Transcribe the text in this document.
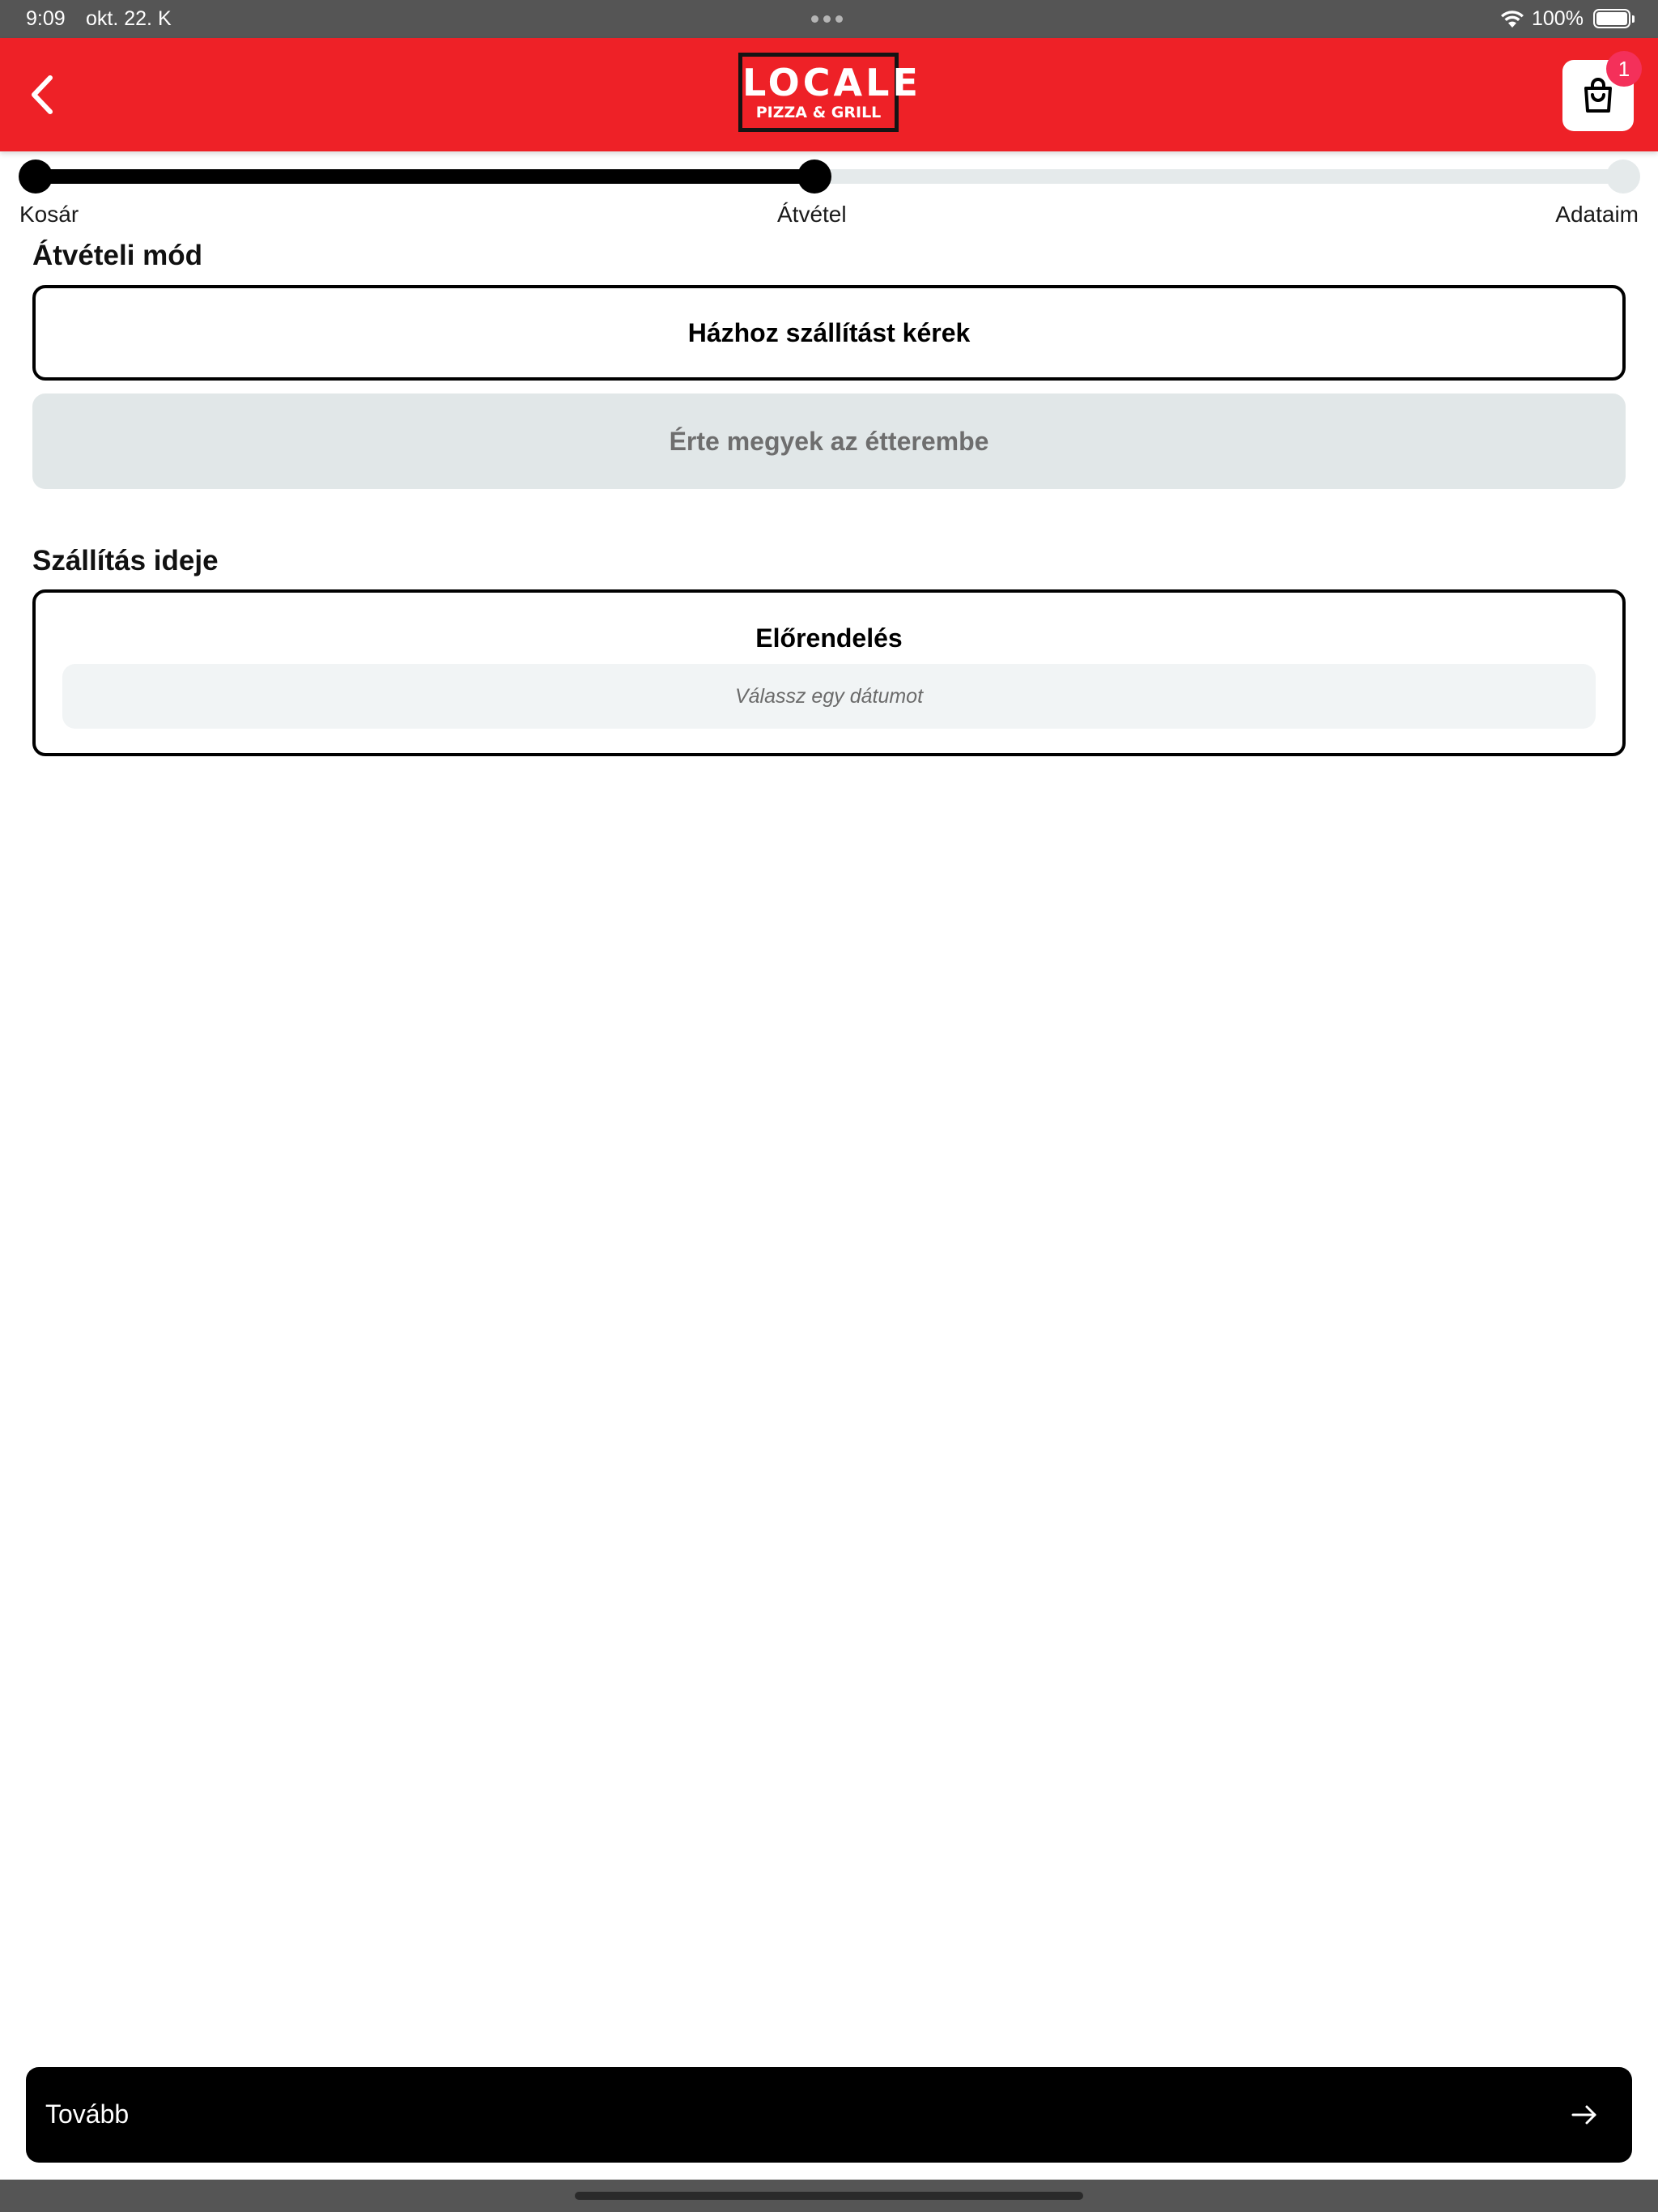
9:09 okt. 22. K	100%
LOCALE
PIZZA & GRILL
1
Kosár	Átvétel	Adataim
Átvételi mód
Házhoz szállítást kérek
Érte megyek az étterembe
Szállítás ideje
Előrendelés
Válassz egy dátumot
Tovább
